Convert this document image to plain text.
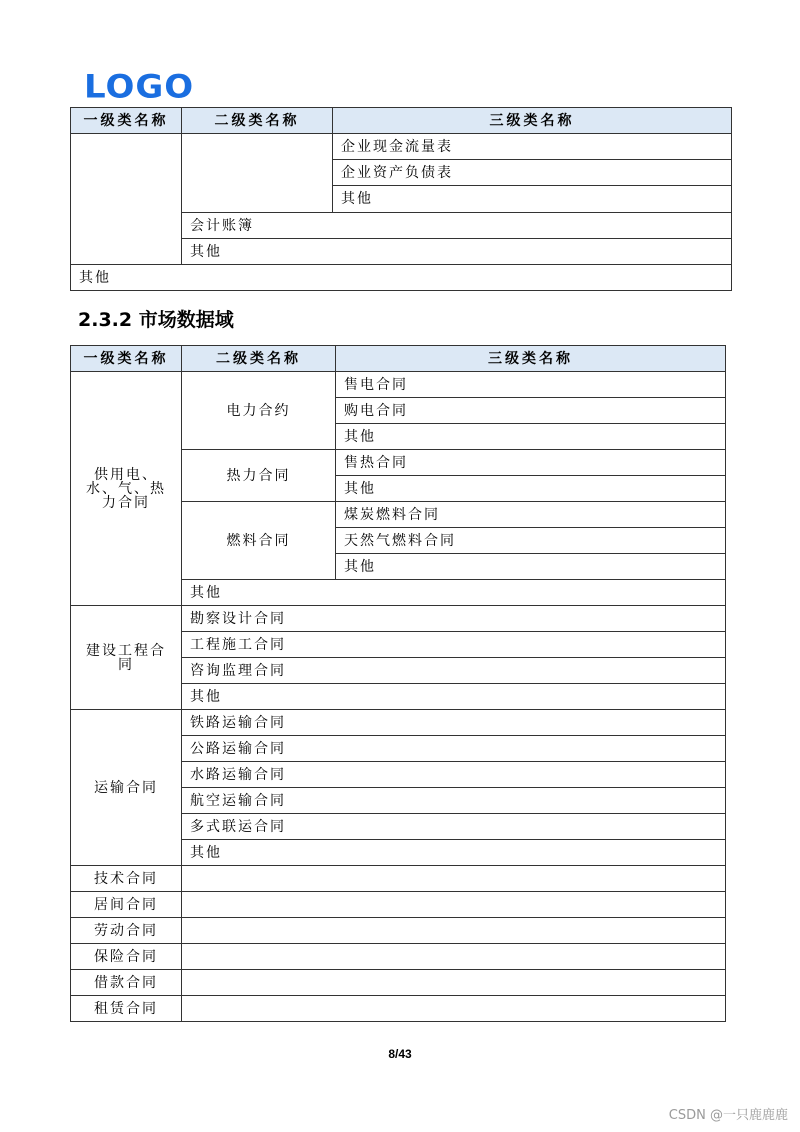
LOGO
一级类名称	二级类名称	三级类名称
		企业现金流量表
		企业资产负债表
		其他
	会计账簿	
	其他	
其他		
2.3.2 市场数据域
一级类名称	二级类名称	三级类名称
供用电、水、气、热力合同	电力合约	售电合同
		购电合同
		其他
	热力合同	售热合同
		其他
	燃料合同	煤炭燃料合同
		天然气燃料合同
		其他
	其他	
建设工程合同	勘察设计合同	
	工程施工合同	
	咨询监理合同	
	其他	
运输合同	铁路运输合同	
	公路运输合同	
	水路运输合同	
	航空运输合同	
	多式联运合同	
	其他	
技术合同		
居间合同		
劳动合同		
保险合同		
借款合同		
租赁合同		
8/43
CSDN @一只鹿鹿鹿
